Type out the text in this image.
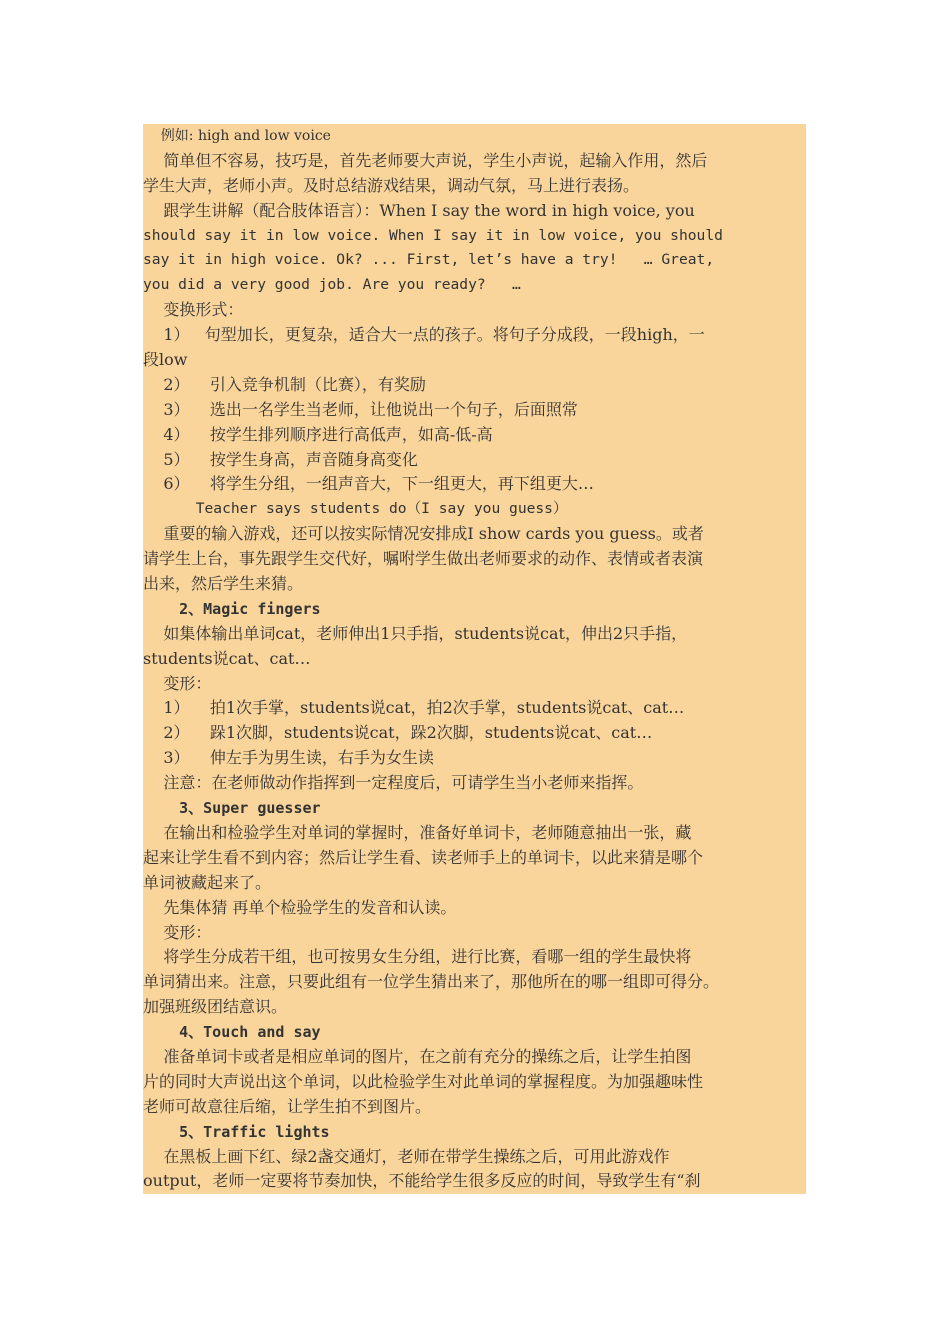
例如: high and low voice
简单但不容易，技巧是，首先老师要大声说，学生小声说，起输入作用，然后
学生大声，老师小声。及时总结游戏结果，调动气氛，马上进行表扬。
跟学生讲解（配合肢体语言）：When I say the word in high voice, you
should say it in low voice. When I say it in low voice, you should
say it in high voice. Ok? ... First, let’s have a try!   … Great,
you did a very good job. Are you ready?   …
变换形式：
1）   句型加长，更复杂，适合大一点的孩子。将句子分成段，一段high，一
段low
2）    引入竞争机制（比赛），有奖励
3）    选出一名学生当老师，让他说出一个句子，后面照常
4）    按学生排列顺序进行高低声，如高-低-高
5）    按学生身高，声音随身高变化
6）    将学生分组，一组声音大，下一组更大，再下组更大…
Teacher says students do（I say you guess）
重要的输入游戏，还可以按实际情况安排成I show cards you guess。或者
请学生上台，事先跟学生交代好，嘱咐学生做出老师要求的动作、表情或者表演
出来，然后学生来猜。
2、Magic fingers
如集体输出单词cat，老师伸出1只手指，students说cat，伸出2只手指，
students说cat、cat…
变形：
1）    拍1次手掌，students说cat，拍2次手掌，students说cat、cat…
2）    跺1次脚，students说cat，跺2次脚，students说cat、cat…
3）    伸左手为男生读，右手为女生读
注意：在老师做动作指挥到一定程度后，可请学生当小老师来指挥。
3、Super guesser
在输出和检验学生对单词的掌握时，准备好单词卡，老师随意抽出一张，藏
起来让学生看不到内容；然后让学生看、读老师手上的单词卡，以此来猜是哪个
单词被藏起来了。
先集体猜 再单个检验学生的发音和认读。
变形：
将学生分成若干组，也可按男女生分组，进行比赛，看哪一组的学生最快将
单词猜出来。注意，只要此组有一位学生猜出来了，那他所在的哪一组即可得分。
加强班级团结意识。
4、Touch and say
准备单词卡或者是相应单词的图片，在之前有充分的操练之后，让学生拍图
片的同时大声说出这个单词，以此检验学生对此单词的掌握程度。为加强趣味性
老师可故意往后缩，让学生拍不到图片。
5、Traffic lights
在黑板上画下红、绿2盏交通灯，老师在带学生操练之后，可用此游戏作
output，老师一定要将节奏加快，不能给学生很多反应的时间，导致学生有“刹
